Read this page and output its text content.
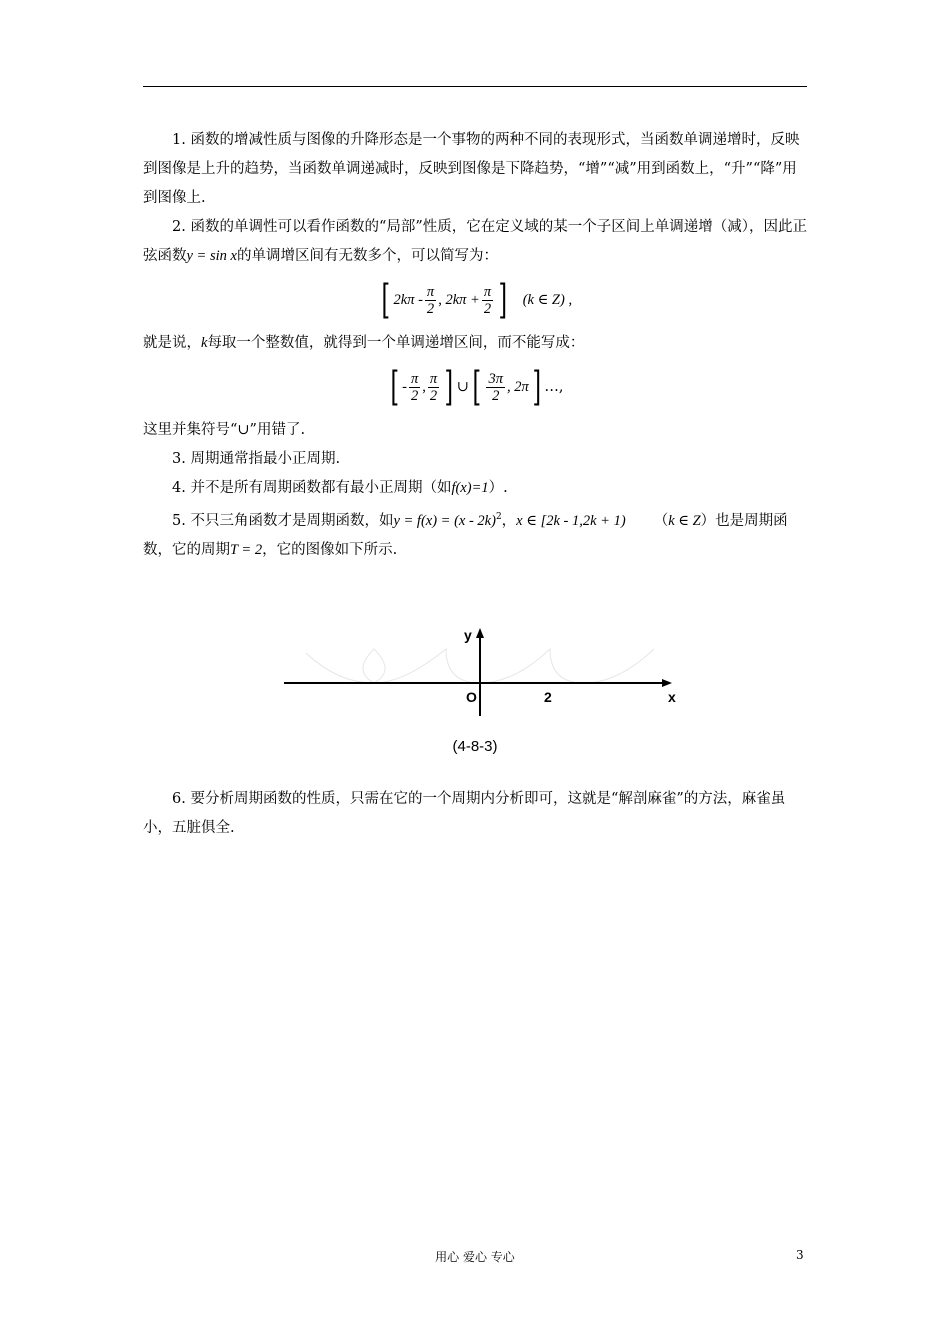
1. 函数的增减性质与图像的升降形态是一个事物的两种不同的表现形式，当函数单调递增时，反映到图像是上升的趋势，当函数单调递减时，反映到图像是下降趋势，“增”“减”用到函数上，“升”“降”用到图像上.

2. 函数的单调性可以看作函数的“局部”性质，它在定义域的某一个子区间上单调递增（减），因此正弦函数y = sin x的单调增区间有无数多个，可以简写为：

[ $2k\pi - \frac{\pi}{2}$ , $2k\pi + \frac{\pi}{2}$ ] (k ∈ Z) ,

就是说，k每取一个整数值，就得到一个单调递增区间，而不能写成：

[ - $\frac{\pi}{2}$ , $\frac{\pi}{2}$ ] ∪ [ $\frac{3\pi}{2}$ , 2π ] …,

这里并集符号“∪”用错了.

3. 周期通常指最小正周期.

4. 并不是所有周期函数都有最小正周期（如f(x)=1）.

5. 不只三角函数才是周期函数，如y = f(x) = (x - 2k)$^2$，x ∈ [2k - 1,2k + 1) （k ∈ Z）也是周期函数，它的周期T = 2，它的图像如下所示.

y
x
O	2
(4-8-3)

6. 要分析周期函数的性质，只需在它的一个周期内分析即可，这就是“解剖麻雀”的方法，麻雀虽小，五脏俱全.

用心 爱心 专心	3
